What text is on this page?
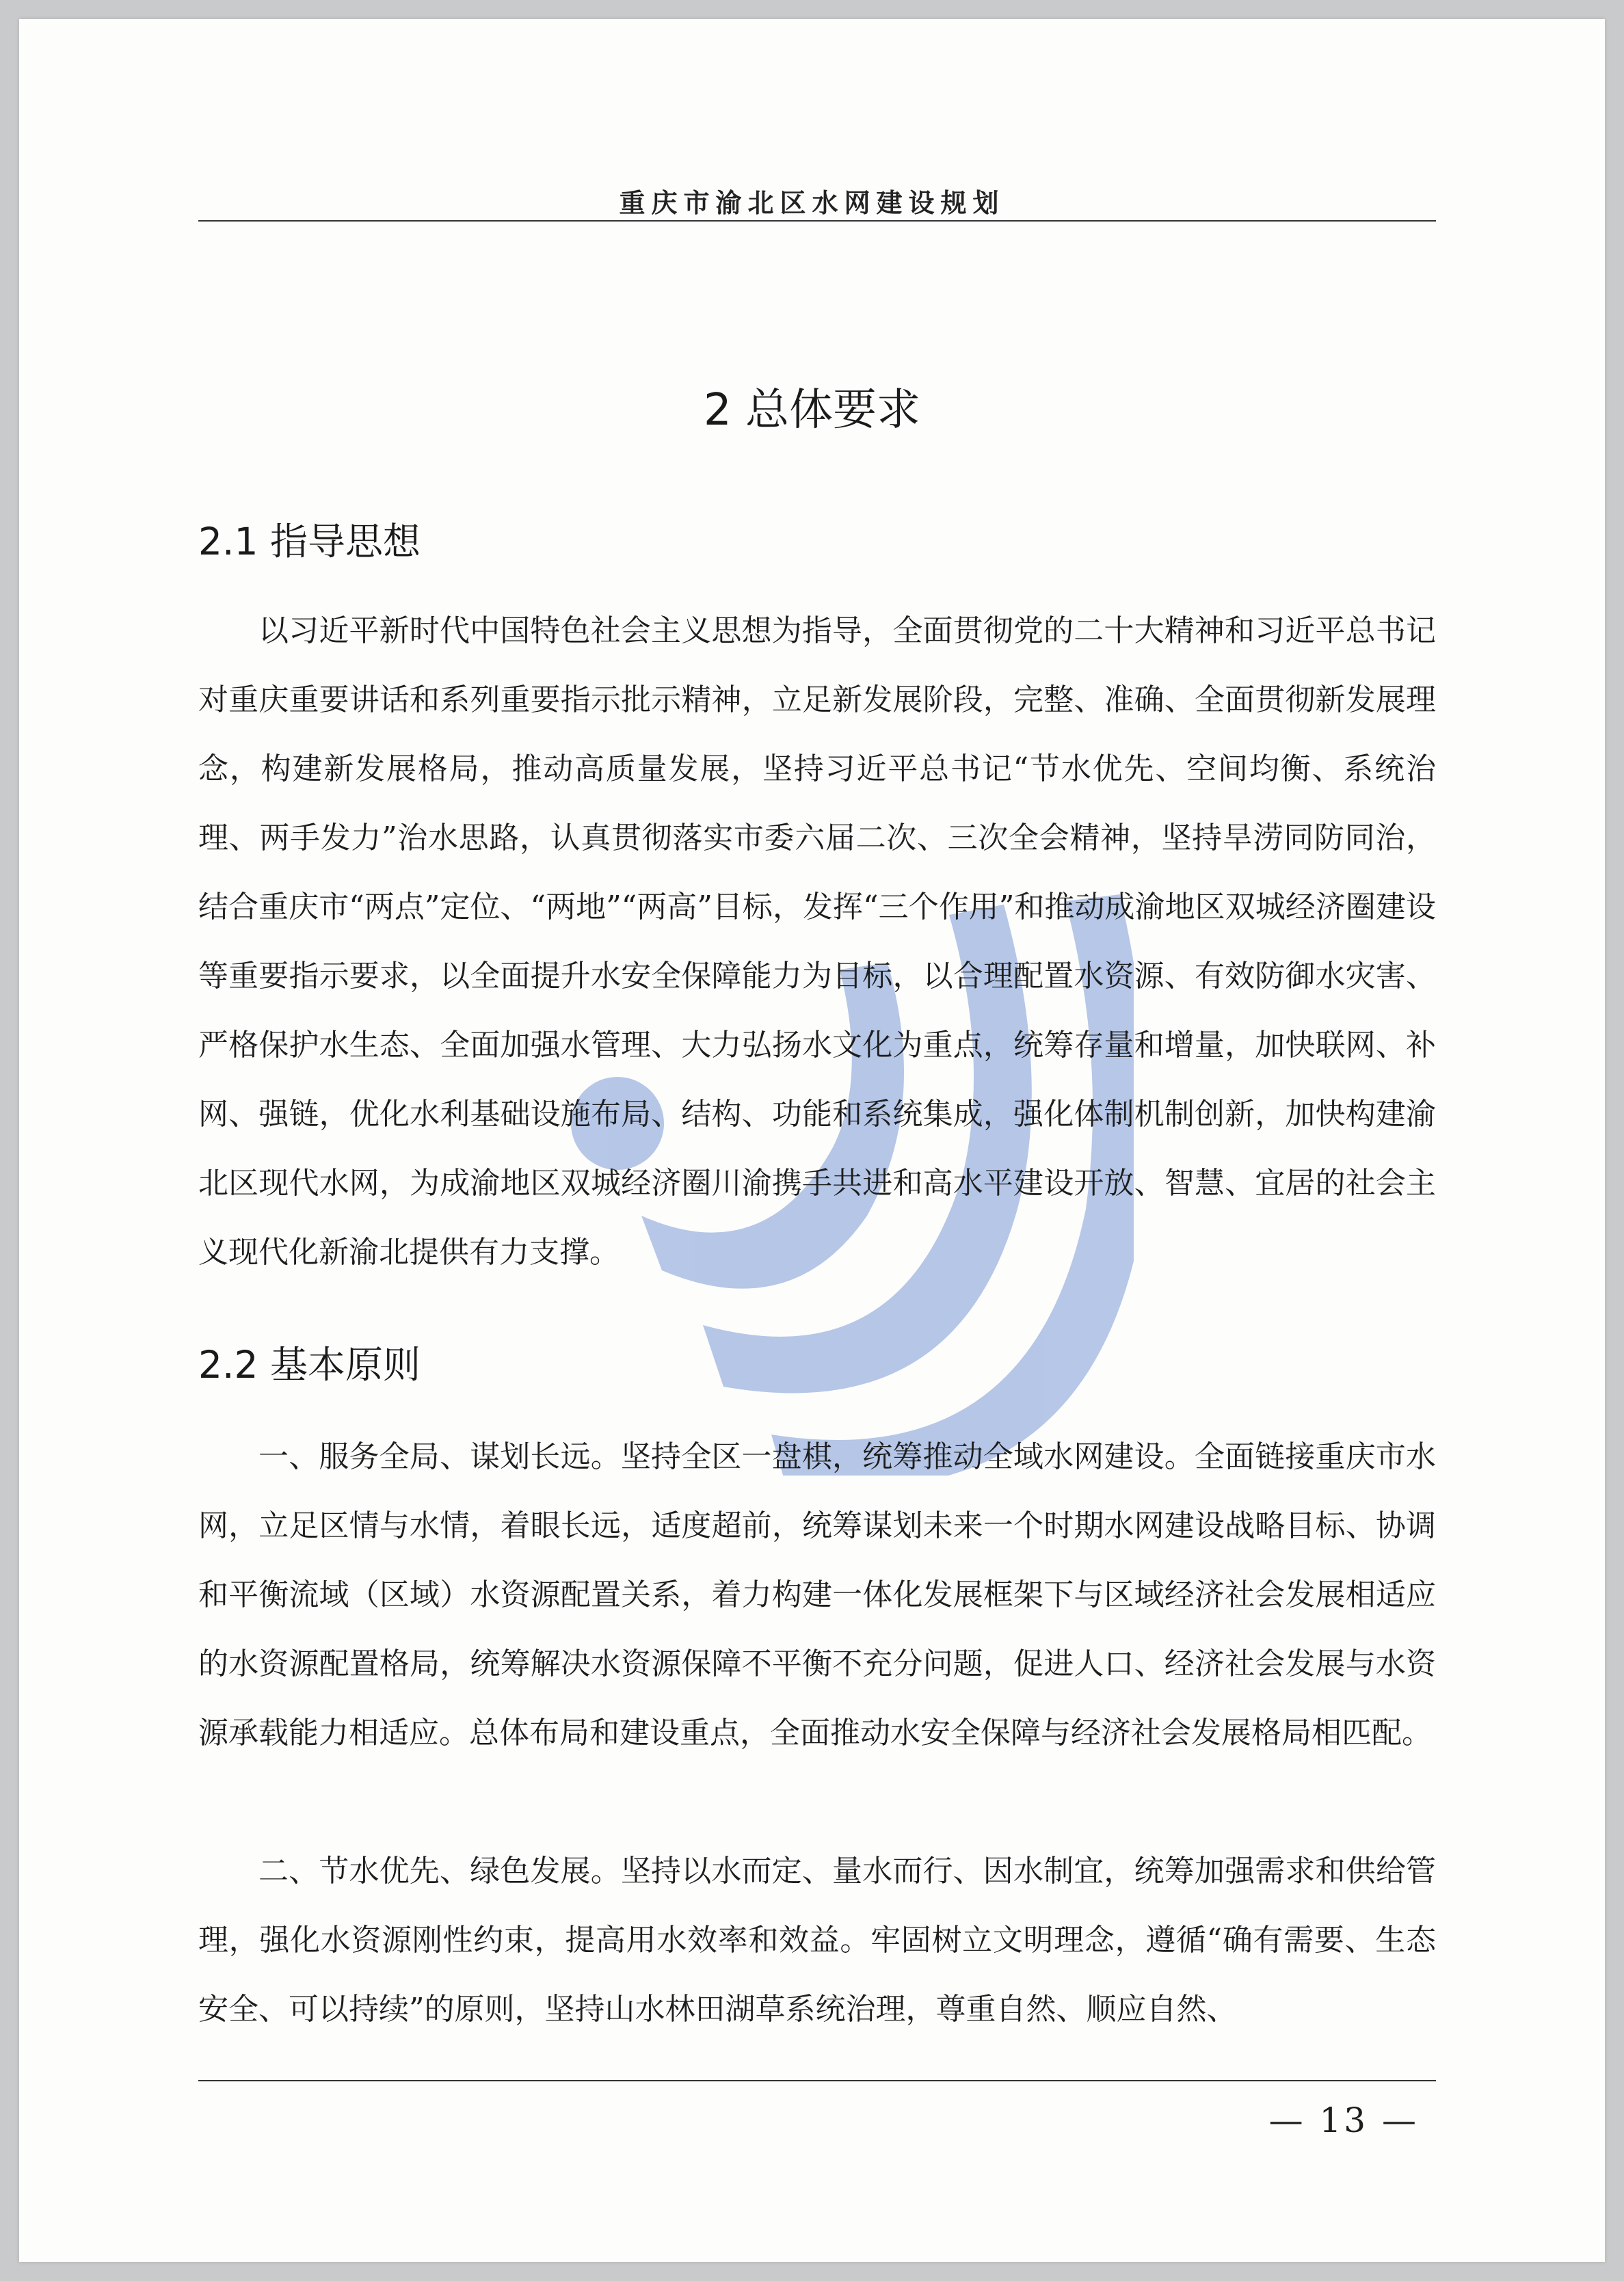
重庆市渝北区水网建设规划
2 总体要求
2.1 指导思想

以习近平新时代中国特色社会主义思想为指导，全面贯彻党的二十大精神和习近平总书记对重庆重要讲话和系列重要指示批示精神，立足新发展阶段，完整、准确、全面贯彻新发展理念，构建新发展格局，推动高质量发展，坚持习近平总书记“节水优先、空间均衡、系统治理、两手发力”治水思路，认真贯彻落实市委六届二次、三次全会精神，坚持旱涝同防同治，结合重庆市“两点”定位、“两地”“两高”目标，发挥“三个作用”和推动成渝地区双城经济圈建设等重要指示要求，以全面提升水安全保障能力为目标，以合理配置水资源、有效防御水灾害、严格保护水生态、全面加强水管理、大力弘扬水文化为重点，统筹存量和增量，加快联网、补网、强链，优化水利基础设施布局、结构、功能和系统集成，强化体制机制创新，加快构建渝北区现代水网，为成渝地区双城经济圈川渝携手共进和高水平建设开放、智慧、宜居的社会主义现代化新渝北提供有力支撑。

2.2 基本原则

一、服务全局、谋划长远。坚持全区一盘棋，统筹推动全域水网建设。全面链接重庆市水网，立足区情与水情，着眼长远，适度超前，统筹谋划未来一个时期水网建设战略目标、协调和平衡流域（区域）水资源配置关系，着力构建一体化发展框架下与区域经济社会发展相适应的水资源配置格局，统筹解决水资源保障不平衡不充分问题，促进人口、经济社会发展与水资源承载能力相适应。总体布局和建设重点，全面推动水安全保障与经济社会发展格局相匹配。

二、节水优先、绿色发展。坚持以水而定、量水而行、因水制宜，统筹加强需求和供给管理，强化水资源刚性约束，提高用水效率和效益。牢固树立文明理念，遵循“确有需要、生态安全、可以持续”的原则，坚持山水林田湖草系统治理，尊重自然、顺应自然、

— 13 —
